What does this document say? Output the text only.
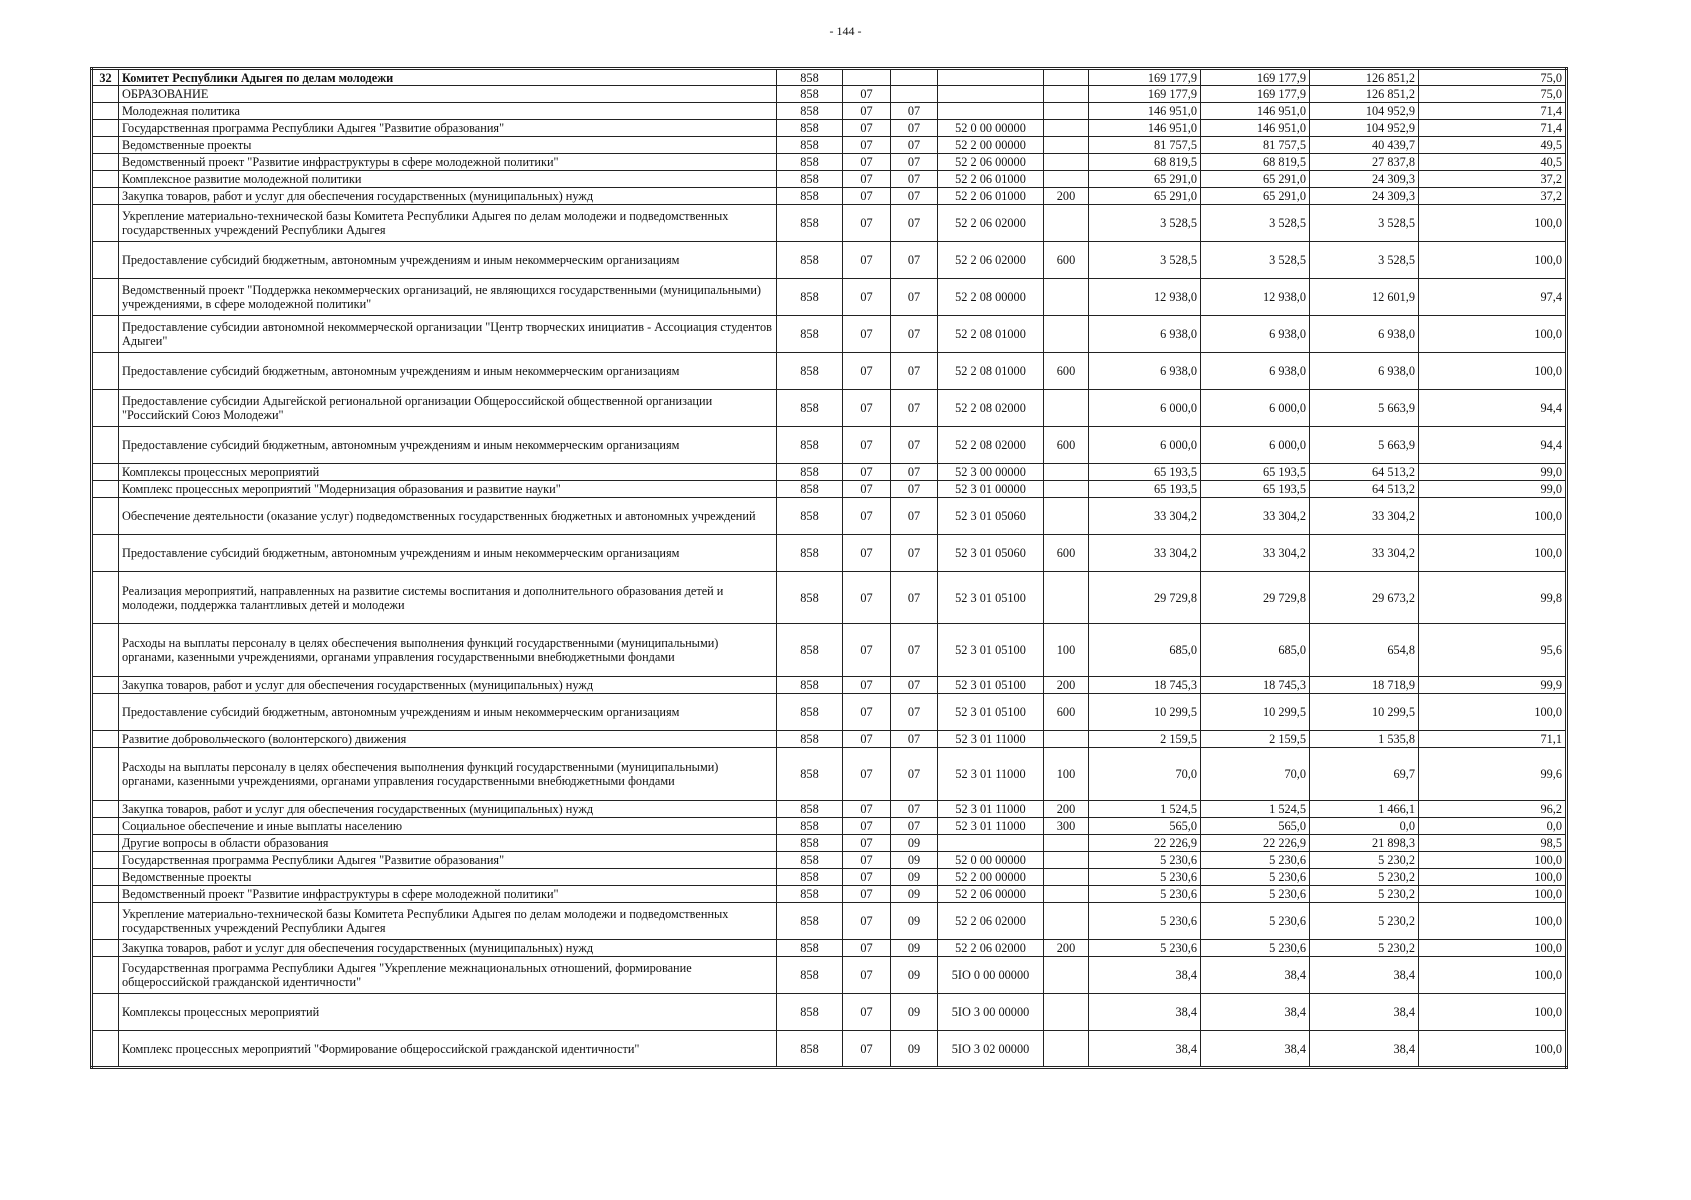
- 144 -
32	Комитет Республики Адыгея по делам молодежи	858					169 177,9	169 177,9	126 851,2	75,0
	ОБРАЗОВАНИЕ	858	07				169 177,9	169 177,9	126 851,2	75,0
	Молодежная политика	858	07	07			146 951,0	146 951,0	104 952,9	71,4
	Государственная программа Республики Адыгея "Развитие образования"	858	07	07	52 0 00 00000		146 951,0	146 951,0	104 952,9	71,4
	Ведомственные проекты	858	07	07	52 2 00 00000		81 757,5	81 757,5	40 439,7	49,5
	Ведомственный проект "Развитие инфраструктуры в сфере молодежной политики"	858	07	07	52 2 06 00000		68 819,5	68 819,5	27 837,8	40,5
	Комплексное развитие молодежной политики	858	07	07	52 2 06 01000		65 291,0	65 291,0	24 309,3	37,2
	Закупка товаров, работ и услуг для обеспечения государственных (муниципальных) нужд	858	07	07	52 2 06 01000	200	65 291,0	65 291,0	24 309,3	37,2
	Укрепление материально-технической базы Комитета Республики Адыгея по делам молодежи и подведомственных государственных учреждений Республики Адыгея	858	07	07	52 2 06 02000		3 528,5	3 528,5	3 528,5	100,0
	Предоставление субсидий бюджетным, автономным учреждениям и иным некоммерческим организациям	858	07	07	52 2 06 02000	600	3 528,5	3 528,5	3 528,5	100,0
	Ведомственный проект "Поддержка некоммерческих организаций, не являющихся государственными (муниципальными) учреждениями, в сфере молодежной политики"	858	07	07	52 2 08 00000		12 938,0	12 938,0	12 601,9	97,4
	Предоставление субсидии автономной некоммерческой организации "Центр творческих инициатив - Ассоциация студентов Адыгеи"	858	07	07	52 2 08 01000		6 938,0	6 938,0	6 938,0	100,0
	Предоставление субсидий бюджетным, автономным учреждениям и иным некоммерческим организациям	858	07	07	52 2 08 01000	600	6 938,0	6 938,0	6 938,0	100,0
	Предоставление субсидии Адыгейской региональной организации Общероссийской общественной организации "Российский Союз Молодежи"	858	07	07	52 2 08 02000		6 000,0	6 000,0	5 663,9	94,4
	Предоставление субсидий бюджетным, автономным учреждениям и иным некоммерческим организациям	858	07	07	52 2 08 02000	600	6 000,0	6 000,0	5 663,9	94,4
	Комплексы процессных мероприятий	858	07	07	52 3 00 00000		65 193,5	65 193,5	64 513,2	99,0
	Комплекс процессных мероприятий "Модернизация образования и развитие науки"	858	07	07	52 3 01 00000		65 193,5	65 193,5	64 513,2	99,0
	Обеспечение деятельности (оказание услуг) подведомственных государственных бюджетных и автономных учреждений	858	07	07	52 3 01 05060		33 304,2	33 304,2	33 304,2	100,0
	Предоставление субсидий бюджетным, автономным учреждениям и иным некоммерческим организациям	858	07	07	52 3 01 05060	600	33 304,2	33 304,2	33 304,2	100,0
	Реализация мероприятий, направленных на развитие системы воспитания и дополнительного образования детей и молодежи, поддержка талантливых детей и молодежи	858	07	07	52 3 01 05100		29 729,8	29 729,8	29 673,2	99,8
	Расходы на выплаты персоналу в целях обеспечения выполнения функций государственными (муниципальными) органами, казенными учреждениями, органами управления государственными внебюджетными фондами	858	07	07	52 3 01 05100	100	685,0	685,0	654,8	95,6
	Закупка товаров, работ и услуг для обеспечения государственных (муниципальных) нужд	858	07	07	52 3 01 05100	200	18 745,3	18 745,3	18 718,9	99,9
	Предоставление субсидий бюджетным, автономным учреждениям и иным некоммерческим организациям	858	07	07	52 3 01 05100	600	10 299,5	10 299,5	10 299,5	100,0
	Развитие добровольческого (волонтерского) движения	858	07	07	52 3 01 11000		2 159,5	2 159,5	1 535,8	71,1
	Расходы на выплаты персоналу в целях обеспечения выполнения функций государственными (муниципальными) органами, казенными учреждениями, органами управления государственными внебюджетными фондами	858	07	07	52 3 01 11000	100	70,0	70,0	69,7	99,6
	Закупка товаров, работ и услуг для обеспечения государственных (муниципальных) нужд	858	07	07	52 3 01 11000	200	1 524,5	1 524,5	1 466,1	96,2
	Социальное обеспечение и иные выплаты населению	858	07	07	52 3 01 11000	300	565,0	565,0	0,0	0,0
	Другие вопросы в области образования	858	07	09			22 226,9	22 226,9	21 898,3	98,5
	Государственная программа Республики Адыгея "Развитие образования"	858	07	09	52 0 00 00000		5 230,6	5 230,6	5 230,2	100,0
	Ведомственные проекты	858	07	09	52 2 00 00000		5 230,6	5 230,6	5 230,2	100,0
	Ведомственный проект "Развитие инфраструктуры в сфере молодежной политики"	858	07	09	52 2 06 00000		5 230,6	5 230,6	5 230,2	100,0
	Укрепление материально-технической базы Комитета Республики Адыгея по делам молодежи и подведомственных государственных учреждений Республики Адыгея	858	07	09	52 2 06 02000		5 230,6	5 230,6	5 230,2	100,0
	Закупка товаров, работ и услуг для обеспечения государственных (муниципальных) нужд	858	07	09	52 2 06 02000	200	5 230,6	5 230,6	5 230,2	100,0
	Государственная программа Республики Адыгея "Укрепление межнациональных отношений, формирование общероссийской гражданской идентичности"	858	07	09	5IO 0 00 00000		38,4	38,4	38,4	100,0
	Комплексы процессных мероприятий	858	07	09	5IO 3 00 00000		38,4	38,4	38,4	100,0
	Комплекс процессных мероприятий "Формирование общероссийской гражданской идентичности"	858	07	09	5IO 3 02 00000		38,4	38,4	38,4	100,0
